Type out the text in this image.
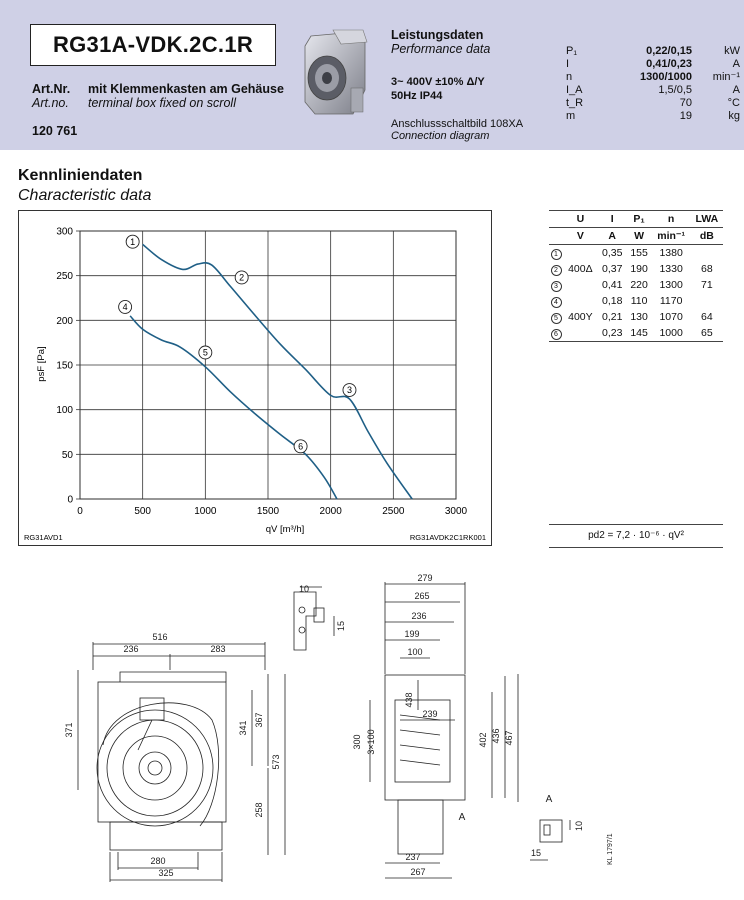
RG31A-VDK.2C.1R
Art.Nr. mit Klemmenkasten am Gehäuse
Art.no. terminal box fixed on scroll
120 761
Leistungsdaten
Performance data
3~ 400V ±10% Δ/Y
50Hz IP44
Anschlussschaltbild 108XA
Connection diagram
P₁	0,22/0,15	kW
I	0,41/0,23	A
n	1300/1000	min⁻¹
I_A	1,5/0,5	A
t_R	70	°C
m	19	kg
Kennliniendaten
Characteristic data
0	500	1000	1500	2000	2500	3000
0
50
100
150
200
250
300
1
2
3
4
5
6
qV [m³/h]
psF [Pa]
RG31AVD1	RG31AVDK2C1RK001
	U	I	P₁	n	LWA
	V	A	W	min⁻¹	dB
1		0,35	155	1380	
2	400Δ	0,37	190	1330	68
3		0,41	220	1300	71
4		0,18	110	1170	
5	400Y	0,21	130	1070	64
6		0,23	145	1000	65
pd2 = 7,2 · 10⁻⁶ · qV²
516
236	283
371	341
367
573
258
280
325
279
265
236
199
100
438
239
402 436 467
300 3×100
237
267
10
15
A
10
15
A
KL 1797/1
